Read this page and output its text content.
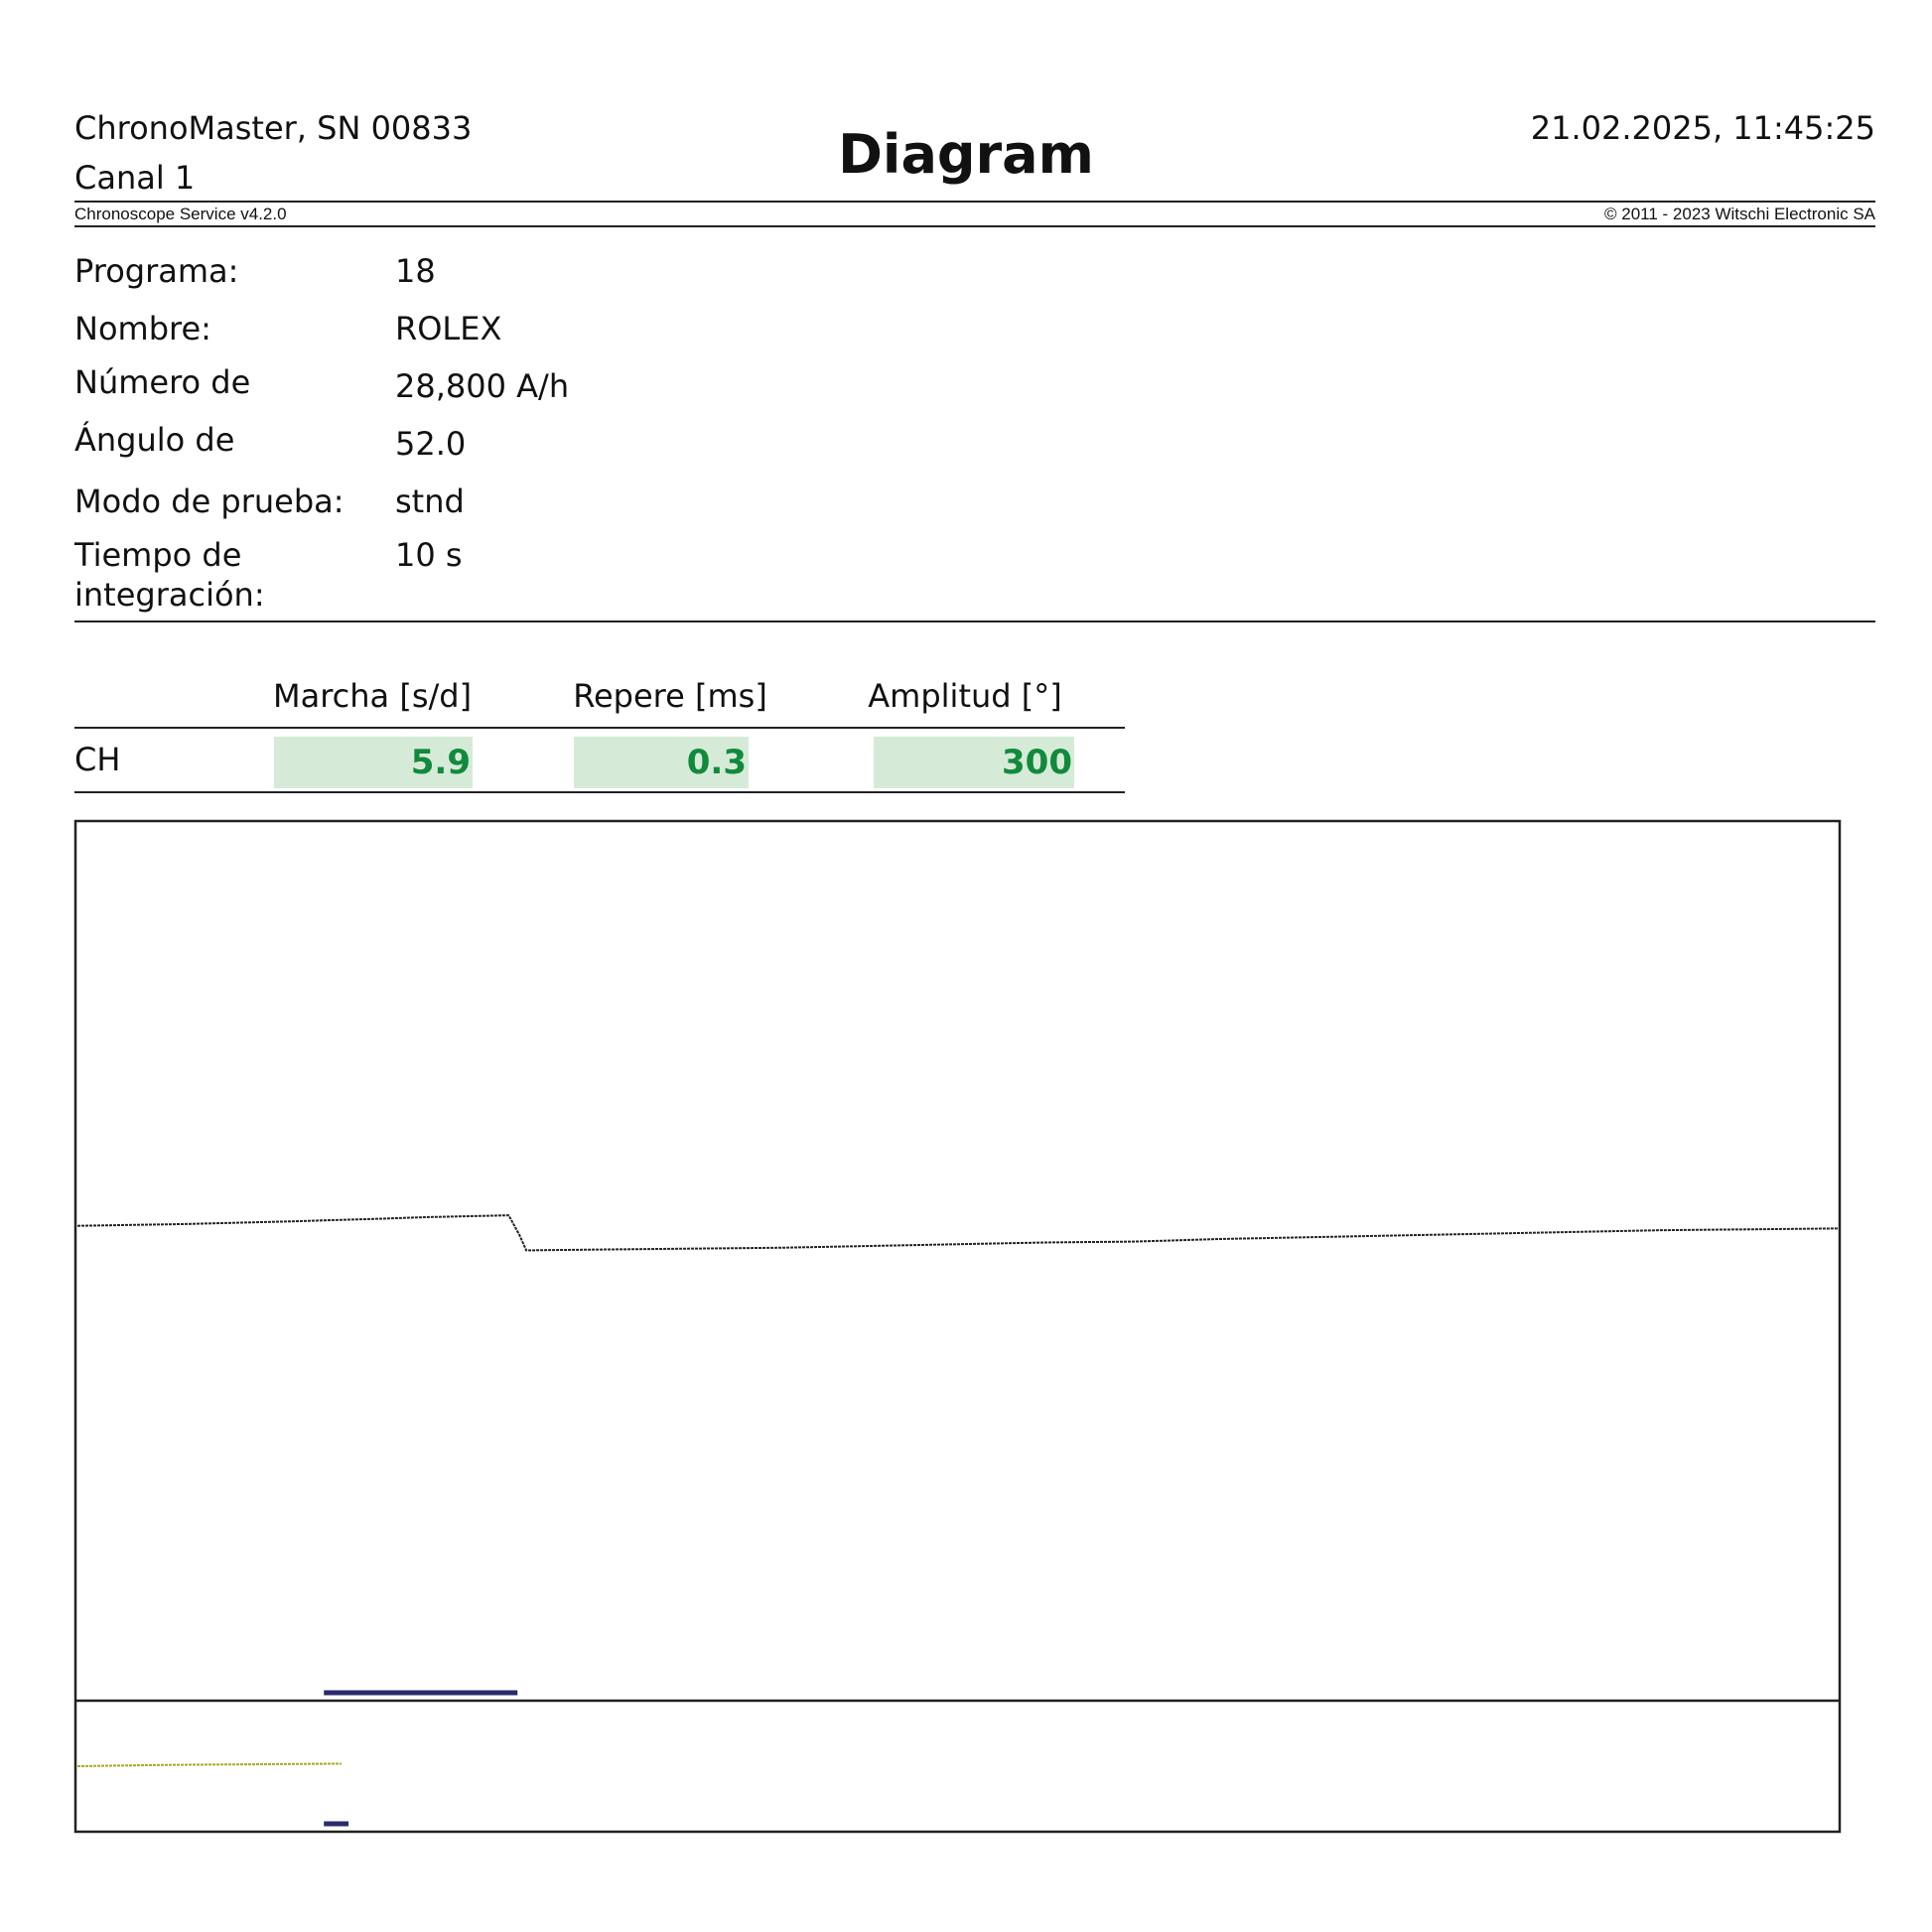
ChronoMaster, SN 00833
Canal 1	Diagram	21.02.2025, 11:45:25
Chronoscope Service v4.2.0	© 2011 - 2023 Witschi Electronic SA
Programa:	18
Nombre:	ROLEX
Número de	28,800 A/h
Ángulo de	52.0
Modo de prueba: stnd
Tiempo de
integración:
10 s
Marcha [s/d]	Repere [ms]	Amplitud [°]
CH	5.9	0.3	300
